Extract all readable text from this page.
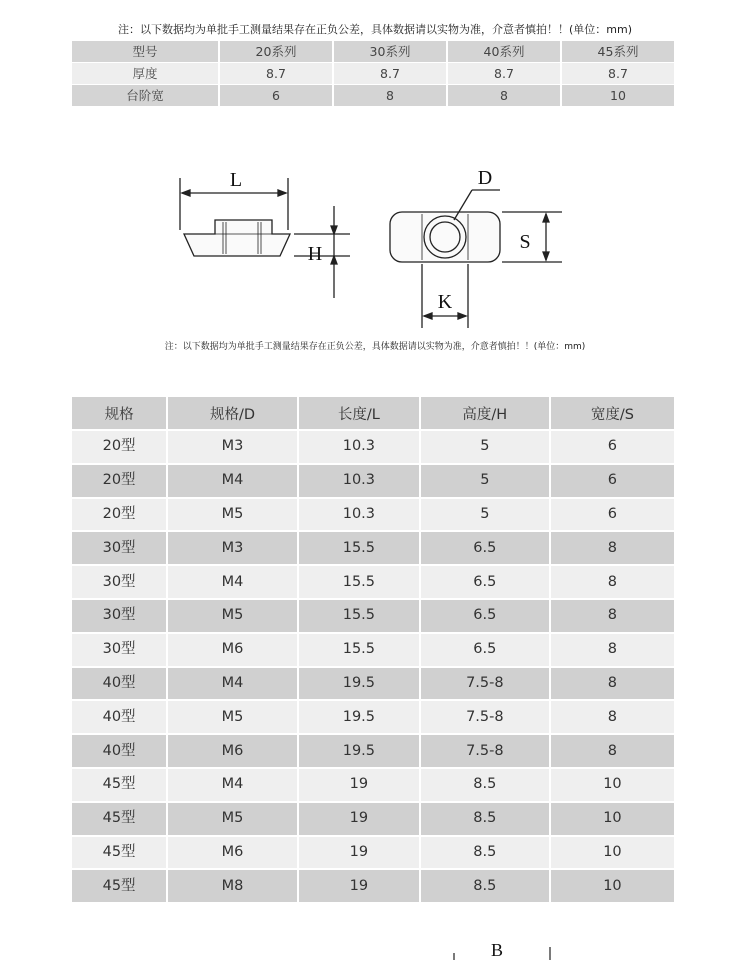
注：以下数据均为单批手工测量结果存在正负公差，具体数据请以实物为准，介意者慎拍！！(单位：mm)
型号	20系列	30系列	40系列	45系列
厚度	8.7	8.7	8.7	8.7
台阶宽	6	8	8	10
L
H
D
S
K
注：以下数据均为单批手工测量结果存在正负公差，具体数据请以实物为准，介意者慎拍！！(单位：mm)
规格	规格/D	长度/L	高度/H	宽度/S
20型	M3	10.3	5	6
20型	M4	10.3	5	6
20型	M5	10.3	5	6
30型	M3	15.5	6.5	8
30型	M4	15.5	6.5	8
30型	M5	15.5	6.5	8
30型	M6	15.5	6.5	8
40型	M4	19.5	7.5-8	8
40型	M5	19.5	7.5-8	8
40型	M6	19.5	7.5-8	8
45型	M4	19	8.5	10
45型	M5	19	8.5	10
45型	M6	19	8.5	10
45型	M8	19	8.5	10
B
